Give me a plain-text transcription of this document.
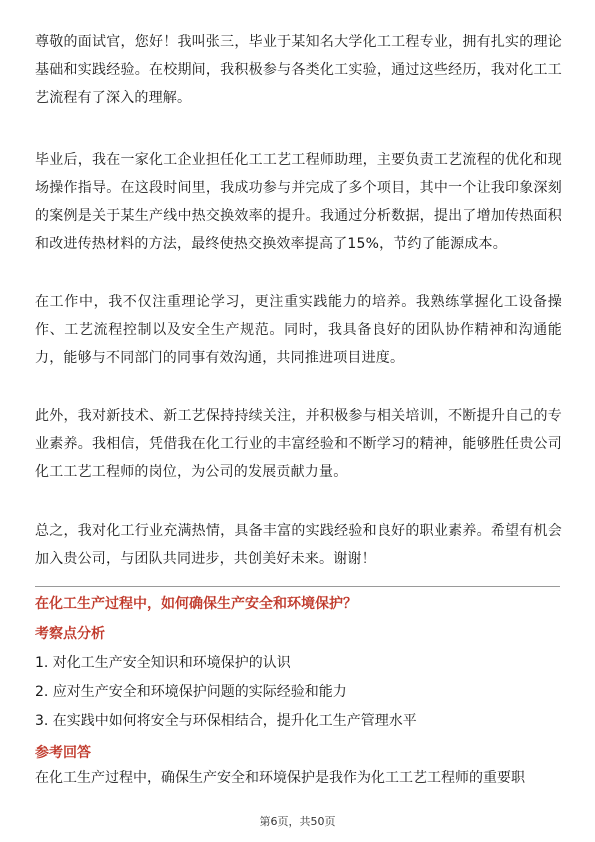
尊敬的面试官，您好！我叫张三，毕业于某知名大学化工工程专业，拥有扎实的理论基础和实践经验。在校期间，我积极参与各类化工实验，通过这些经历，我对化工工艺流程有了深入的理解。

毕业后，我在一家化工企业担任化工工艺工程师助理，主要负责工艺流程的优化和现场操作指导。在这段时间里，我成功参与并完成了多个项目，其中一个让我印象深刻的案例是关于某生产线中热交换效率的提升。我通过分析数据，提出了增加传热面积和改进传热材料的方法，最终使热交换效率提高了15%，节约了能源成本。

在工作中，我不仅注重理论学习，更注重实践能力的培养。我熟练掌握化工设备操作、工艺流程控制以及安全生产规范。同时，我具备良好的团队协作精神和沟通能力，能够与不同部门的同事有效沟通，共同推进项目进度。

此外，我对新技术、新工艺保持持续关注，并积极参与相关培训，不断提升自己的专业素养。我相信，凭借我在化工行业的丰富经验和不断学习的精神，能够胜任贵公司化工工艺工程师的岗位，为公司的发展贡献力量。

总之，我对化工行业充满热情，具备丰富的实践经验和良好的职业素养。希望有机会加入贵公司，与团队共同进步，共创美好未来。谢谢！

在化工生产过程中，如何确保生产安全和环境保护？

考察点分析

1. 对化工生产安全知识和环境保护的认识
2. 应对生产安全和环境保护问题的实际经验和能力
3. 在实践中如何将安全与环保相结合，提升化工生产管理水平

参考回答

在化工生产过程中，确保生产安全和环境保护是我作为化工工艺工程师的重要职

第6页，共50页
